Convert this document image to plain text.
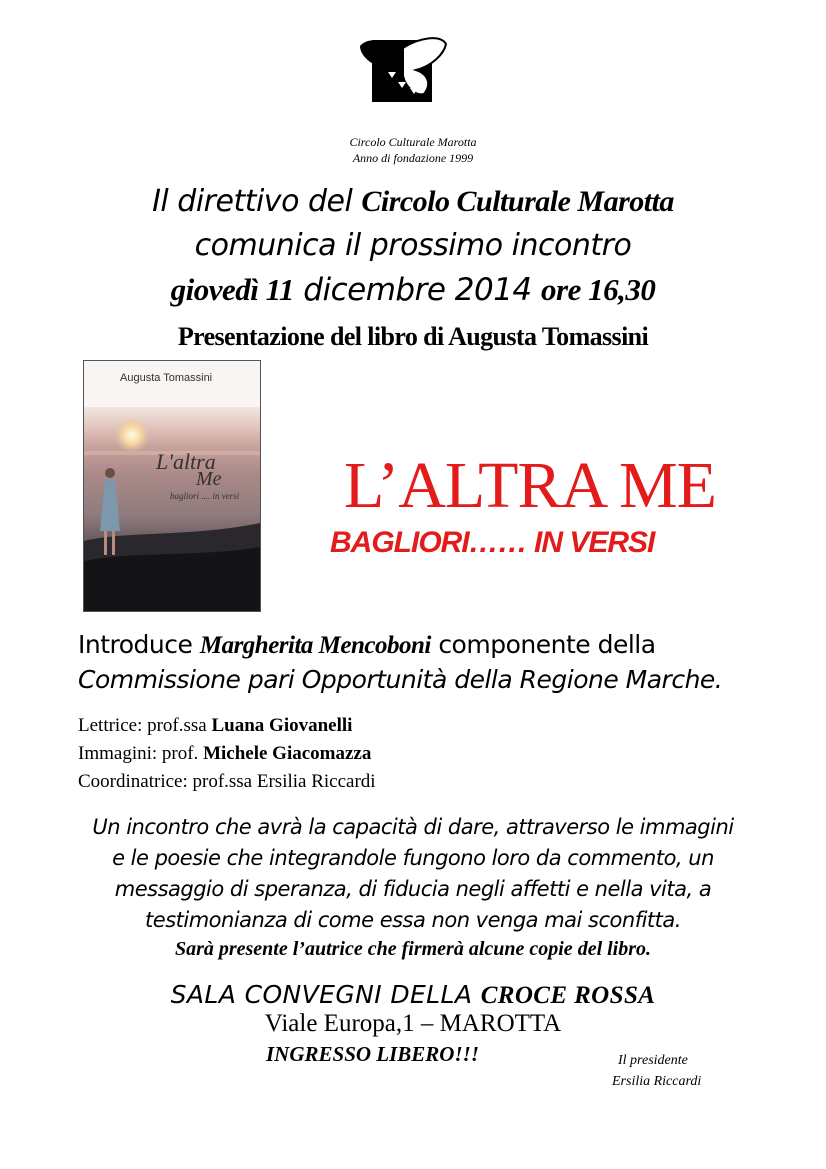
Circolo Culturale Marotta
Anno di fondazione 1999
Il direttivo del Circolo Culturale Marotta
comunica il prossimo incontro
giovedì 11 dicembre 2014 ore 16,30
Presentazione del libro di Augusta Tomassini
Augusta Tomassini
L'altra
Me
bagliori .... in versi	L’ALTRA ME
BAGLIORI…… IN VERSI
Introduce Margherita Mencoboni componente della
Commissione pari Opportunità della Regione Marche.
Lettrice: prof.ssa Luana Giovanelli
Immagini: prof. Michele Giacomazza
Coordinatrice: prof.ssa Ersilia Riccardi
Un incontro che avrà la capacità di dare, attraverso le immagini
e le poesie che integrandole fungono loro da commento, un
messaggio di speranza, di fiducia negli affetti e nella vita, a
testimonianza di come essa non venga mai sconfitta.
Sarà presente l’autrice che firmerà alcune copie del libro.
SALA CONVEGNI DELLA CROCE ROSSA
Viale Europa,1 – MAROTTA
INGRESSO LIBERO!!!	Il presidente
Ersilia Riccardi
